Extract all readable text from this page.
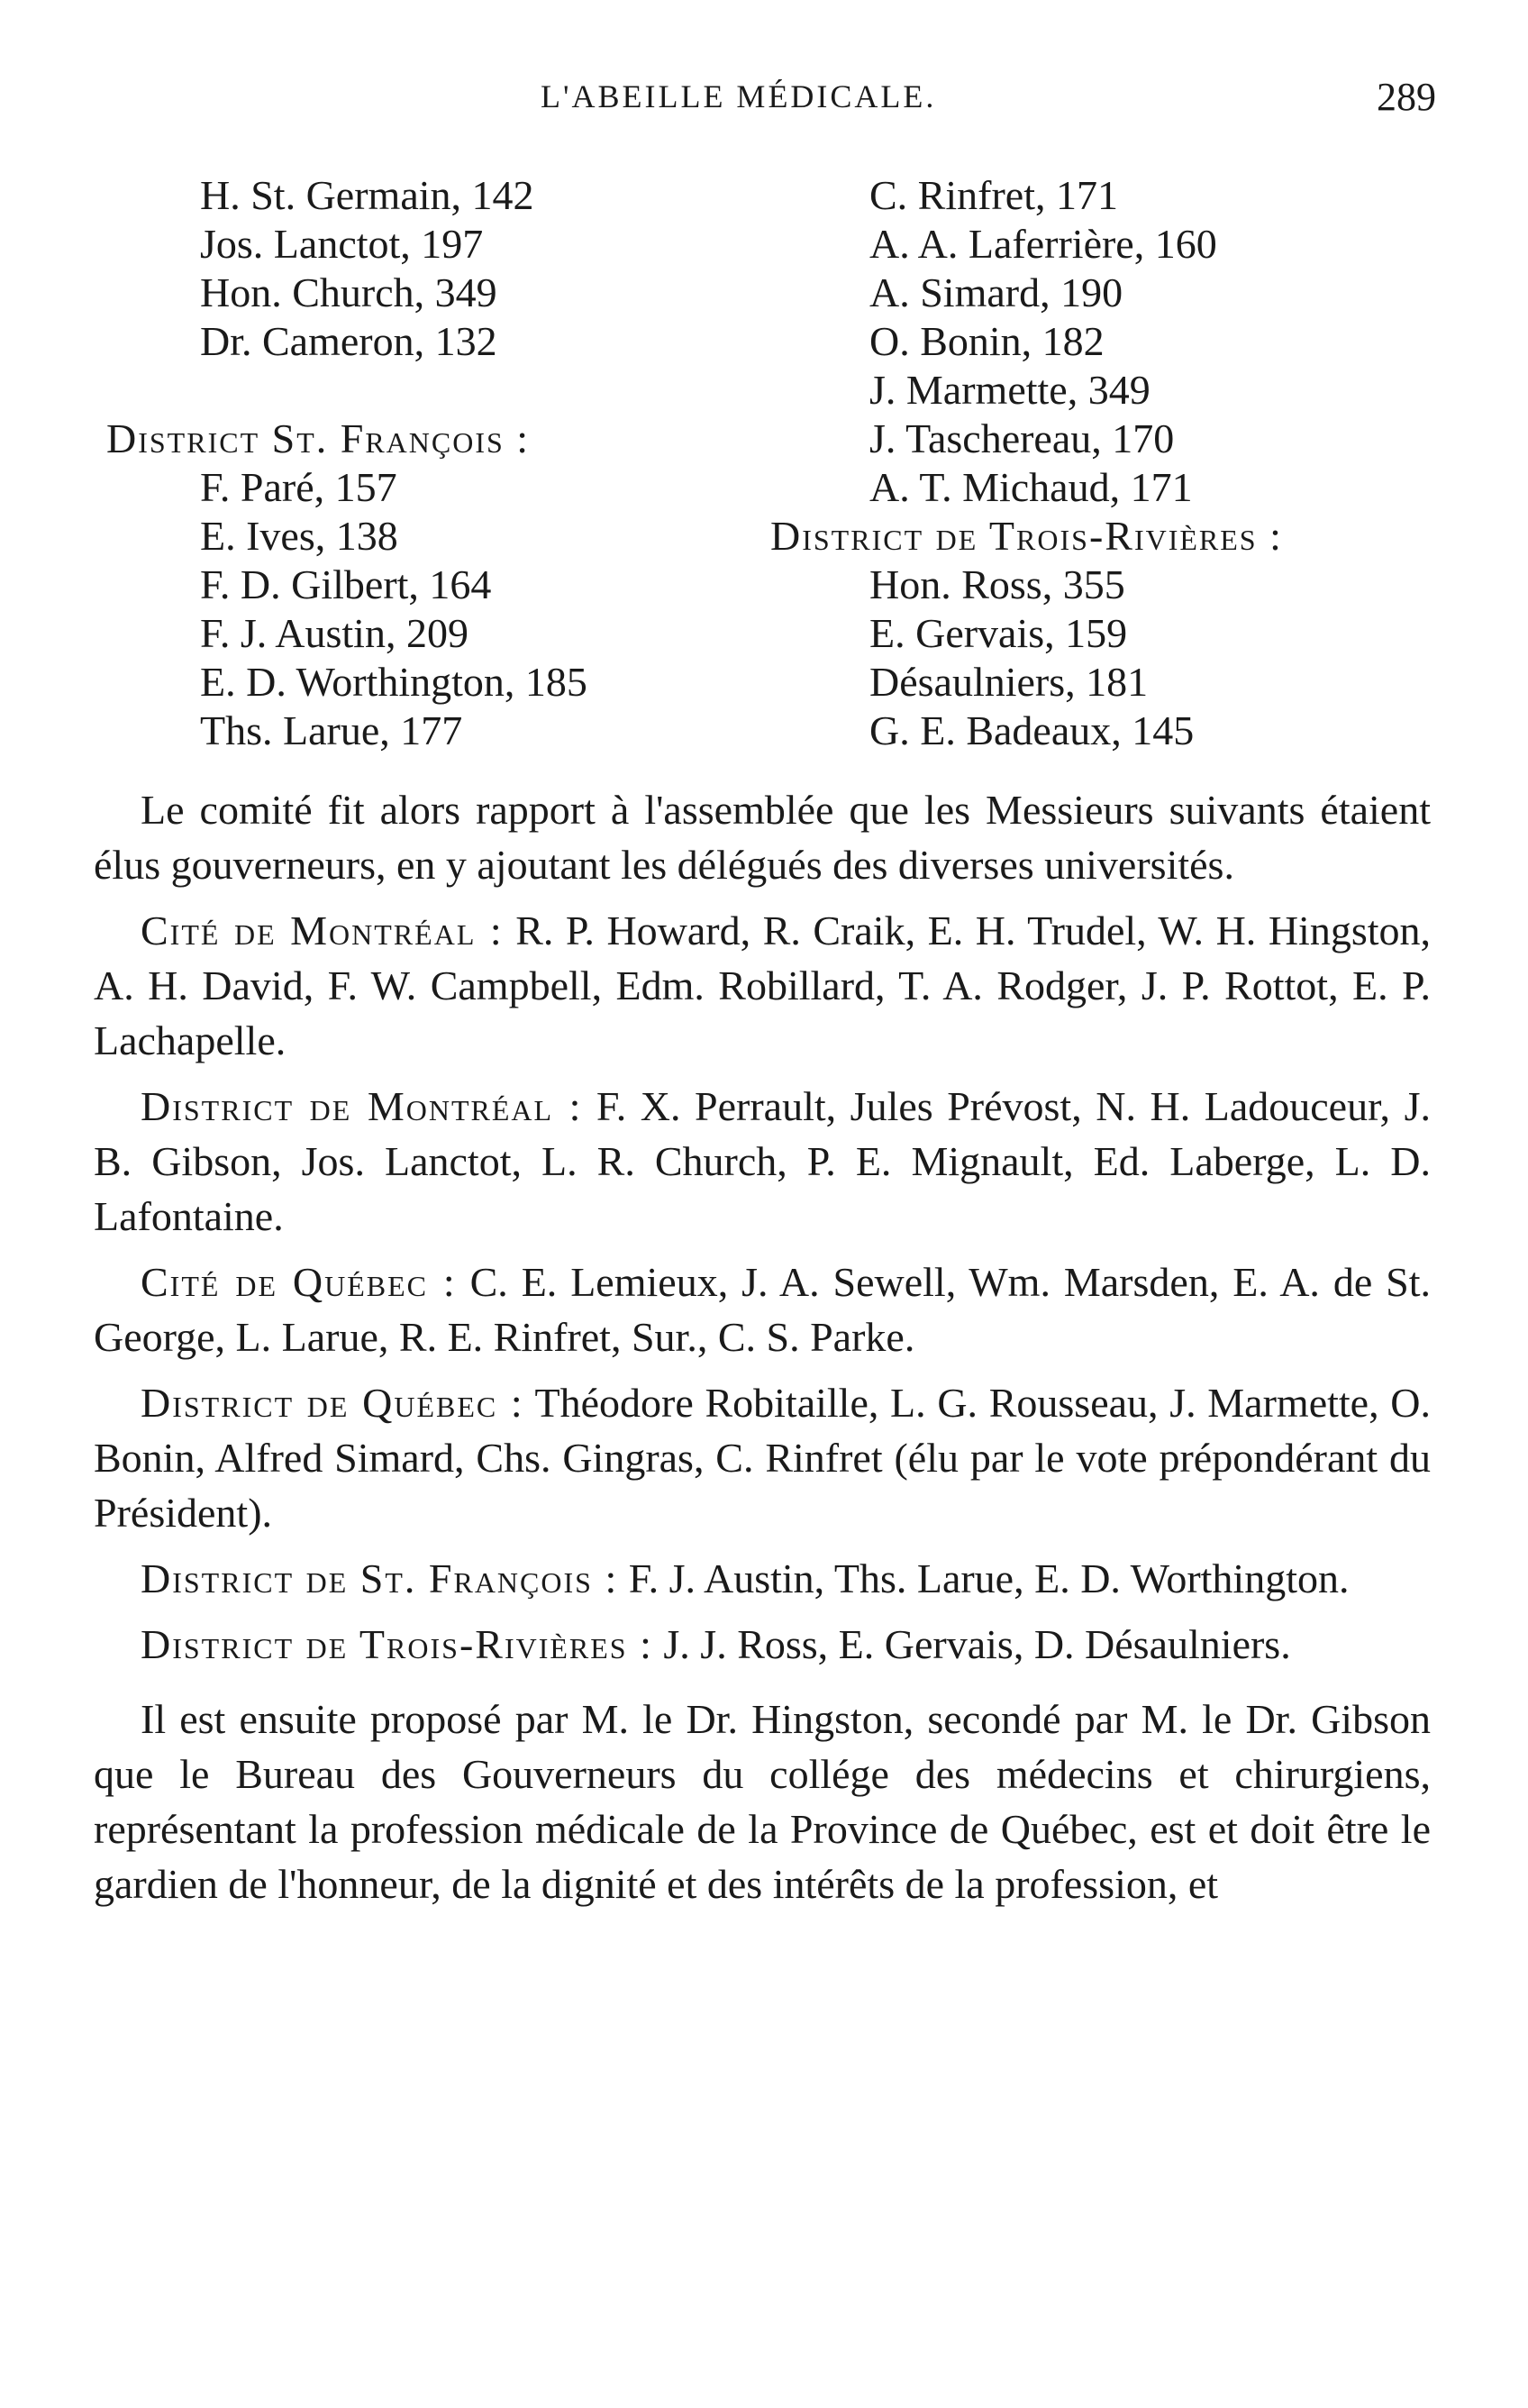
L'ABEILLE MÉDICALE.	289
H. St. Germain, 142
Jos. Lanctot, 197
Hon. Church, 349
Dr. Cameron, 132
District St. François :
F. Paré, 157
E. Ives, 138
F. D. Gilbert, 164
F. J. Austin, 209
E. D. Worthington, 185
Ths. Larue, 177
C. Rinfret, 171
A. A. Laferrière, 160
A. Simard, 190
O. Bonin, 182
J. Marmette, 349
J. Taschereau, 170
A. T. Michaud, 171
District de Trois-Rivières :
Hon. Ross, 355
E. Gervais, 159
Désaulniers, 181
G. E. Badeaux, 145

Le comité fit alors rapport à l'assemblée que les Messieurs suivants étaient élus gouverneurs, en y ajoutant les délégués des diverses universités.

Cité de Montréal : R. P. Howard, R. Craik, E. H. Trudel, W. H. Hingston, A. H. David, F. W. Campbell, Edm. Robillard, T. A. Rodger, J. P. Rottot, E. P. Lachapelle.

District de Montréal : F. X. Perrault, Jules Prévost, N. H. Ladouceur, J. B. Gibson, Jos. Lanctot, L. R. Church, P. E. Mignault, Ed. Laberge, L. D. Lafontaine.

Cité de Québec : C. E. Lemieux, J. A. Sewell, Wm. Marsden, E. A. de St. George, L. Larue, R. E. Rinfret, Sur., C. S. Parke.

District de Québec : Théodore Robitaille, L. G. Rousseau, J. Marmette, O. Bonin, Alfred Simard, Chs. Gingras, C. Rinfret (élu par le vote prépondérant du Président).

District de St. François : F. J. Austin, Ths. Larue, E. D. Worthington.

District de Trois-Rivières : J. J. Ross, E. Gervais, D. Désaulniers.

Il est ensuite proposé par M. le Dr. Hingston, secondé par M. le Dr. Gibson que le Bureau des Gouverneurs du collége des médecins et chirurgiens, représentant la profession médicale de la Province de Québec, est et doit être le gardien de l'honneur, de la dignité et des intérêts de la profession, et
